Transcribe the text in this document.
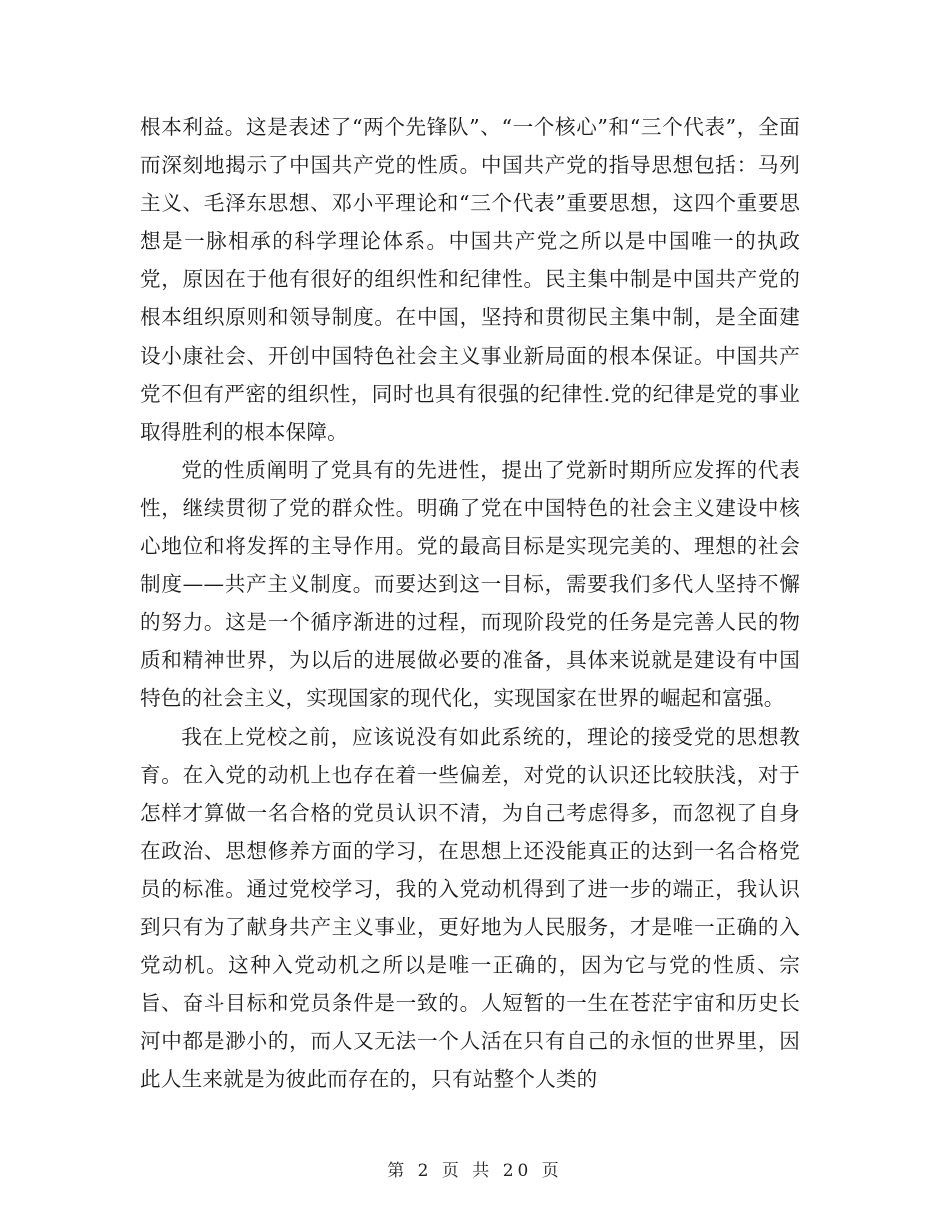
根本利益。这是表述了“两个先锋队”、“一个核心”和“三个代表”，全面而深刻地揭示了中国共产党的性质。中国共产党的指导思想包括：马列主义、毛泽东思想、邓小平理论和“三个代表”重要思想，这四个重要思想是一脉相承的科学理论体系。中国共产党之所以是中国唯一的执政党，原因在于他有很好的组织性和纪律性。民主集中制是中国共产党的根本组织原则和领导制度。在中国，坚持和贯彻民主集中制，是全面建设小康社会、开创中国特色社会主义事业新局面的根本保证。中国共产党不但有严密的组织性，同时也具有很强的纪律性.党的纪律是党的事业取得胜利的根本保障。

党的性质阐明了党具有的先进性，提出了党新时期所应发挥的代表性，继续贯彻了党的群众性。明确了党在中国特色的社会主义建设中核心地位和将发挥的主导作用。党的最高目标是实现完美的、理想的社会制度——共产主义制度。而要达到这一目标，需要我们多代人坚持不懈的努力。这是一个循序渐进的过程，而现阶段党的任务是完善人民的物质和精神世界，为以后的进展做必要的准备，具体来说就是建设有中国特色的社会主义，实现国家的现代化，实现国家在世界的崛起和富强。

我在上党校之前，应该说没有如此系统的，理论的接受党的思想教育。在入党的动机上也存在着一些偏差，对党的认识还比较肤浅，对于怎样才算做一名合格的党员认识不清，为自己考虑得多，而忽视了自身在政治、思想修养方面的学习，在思想上还没能真正的达到一名合格党员的标准。通过党校学习，我的入党动机得到了进一步的端正，我认识到只有为了献身共产主义事业，更好地为人民服务，才是唯一正确的入党动机。这种入党动机之所以是唯一正确的，因为它与党的性质、宗旨、奋斗目标和党员条件是一致的。人短暂的一生在苍茫宇宙和历史长河中都是渺小的，而人又无法一个人活在只有自己的永恒的世界里，因此人生来就是为彼此而存在的，只有站整个人类的

第 2 页 共 20 页
